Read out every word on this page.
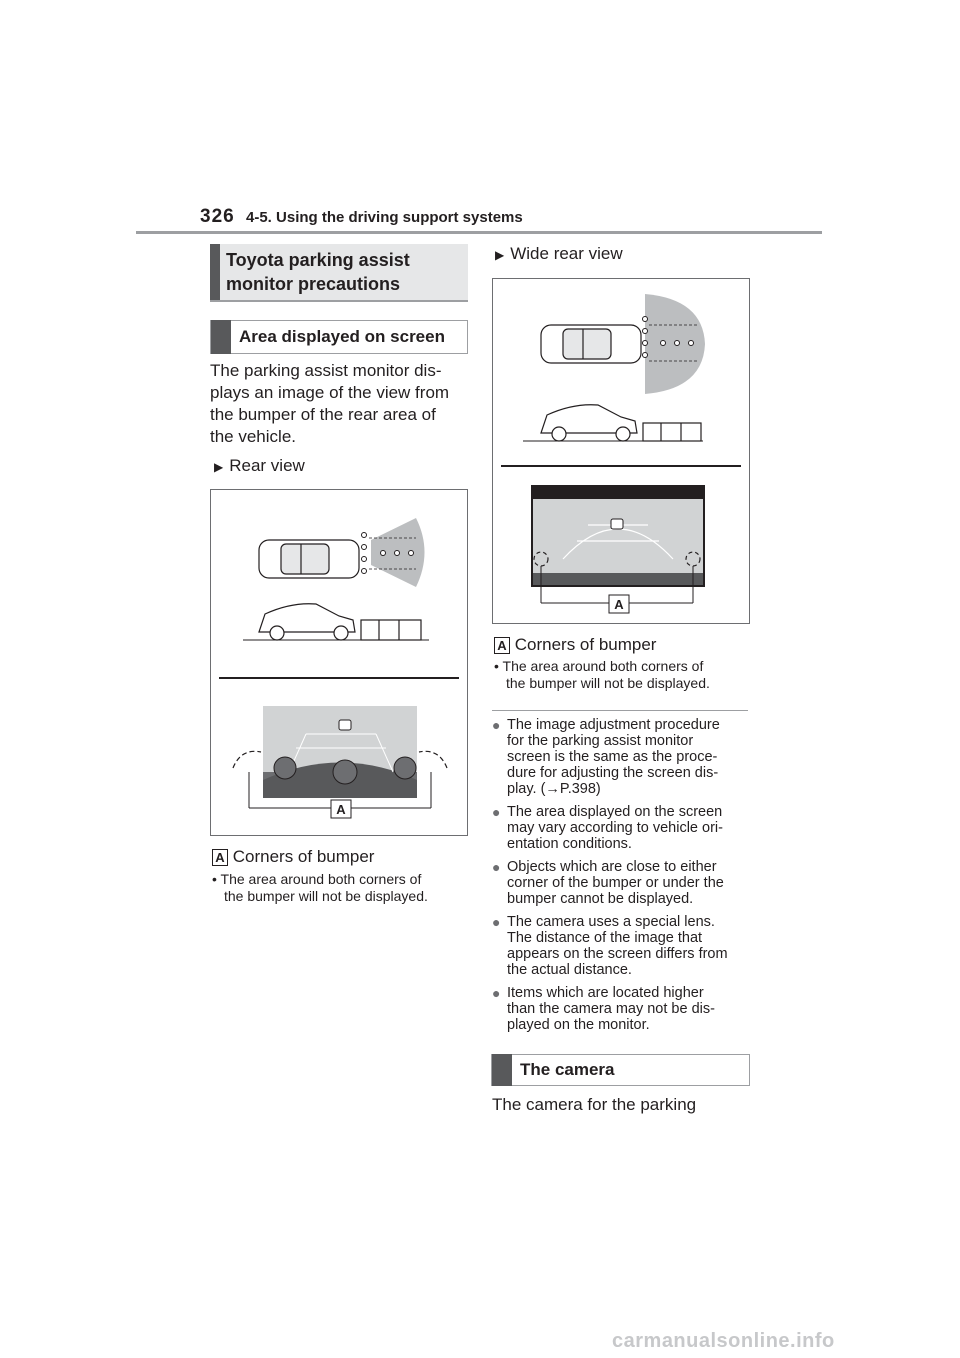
326 4-5. Using the driving support systems
Toyota parking assist
monitor precautions
Area displayed on screen
The parking assist monitor dis-
plays an image of the view from
the bumper of the rear area of
the vehicle.
▶ Rear view
A
A Corners of bumper
• The area around both corners of
the bumper will not be displayed.
▶ Wide rear view
A
A Corners of bumper
• The area around both corners of
the bumper will not be displayed.
● The image adjustment procedure
for the parking assist monitor
screen is the same as the proce-
dure for adjusting the screen dis-
play. (→P.398)
● The area displayed on the screen
may vary according to vehicle ori-
entation conditions.
● Objects which are close to either
corner of the bumper or under the
bumper cannot be displayed.
● The camera uses a special lens.
The distance of the image that
appears on the screen differs from
the actual distance.
● Items which are located higher
than the camera may not be dis-
played on the monitor.
The camera
The camera for the parking
carmanualsonline.info
